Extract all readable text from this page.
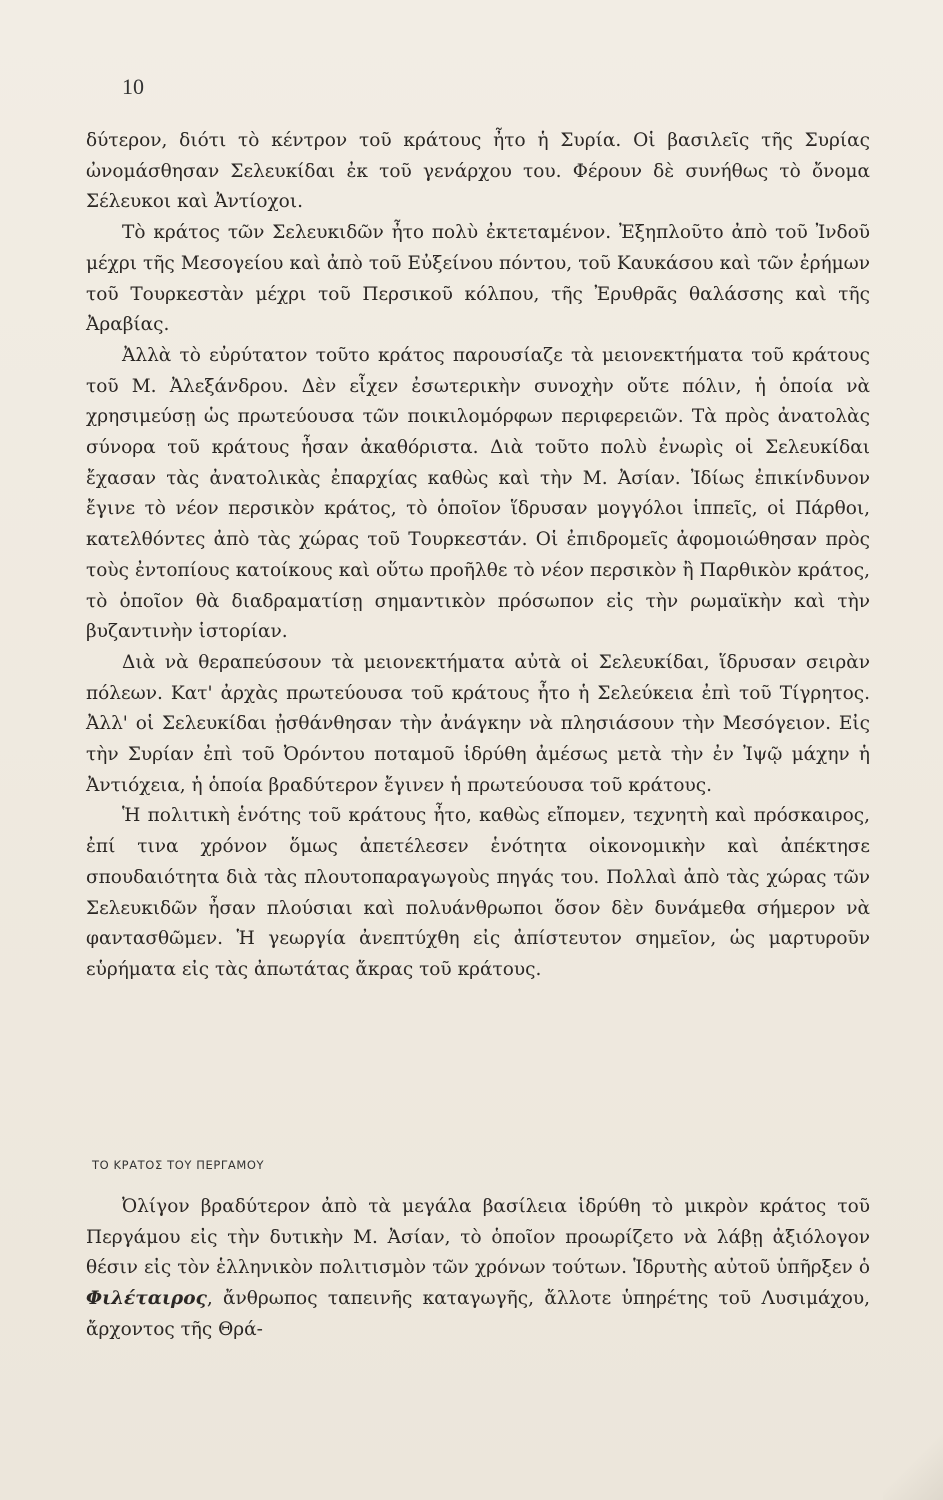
10

δύτερον, διότι τὸ κέντρον τοῦ κράτους ἦτο ἡ Συρία. Οἱ βασιλεῖς τῆς Συρίας ὠνομάσθησαν Σελευκίδαι ἐκ τοῦ γενάρχου του. Φέρουν δὲ συνήθως τὸ ὄνομα Σέλευκοι καὶ Ἀντίοχοι.

Τὸ κράτος τῶν Σελευκιδῶν ἦτο πολὺ ἐκτεταμένον. Ἐξηπλοῦτο ἀπὸ τοῦ Ἰνδοῦ μέχρι τῆς Μεσογείου καὶ ἀπὸ τοῦ Εὐξείνου πόντου, τοῦ Καυκάσου καὶ τῶν ἐρήμων τοῦ Τουρκεστὰν μέχρι τοῦ Περσικοῦ κόλπου, τῆς Ἐρυθρᾶς θαλάσσης καὶ τῆς Ἀραβίας.

Ἀλλὰ τὸ εὐρύτατον τοῦτο κράτος παρουσίαζε τὰ μειονεκτήματα τοῦ κράτους τοῦ Μ. Ἀλεξάνδρου. Δὲν εἶχεν ἐσωτερικὴν συνοχὴν οὔτε πόλιν, ἡ ὁποία νὰ χρησιμεύσῃ ὡς πρωτεύουσα τῶν ποικιλομόρφων περιφερειῶν. Τὰ πρὸς ἀνατολὰς σύνορα τοῦ κράτους ἦσαν ἀκαθόριστα. Διὰ τοῦτο πολὺ ἐνωρὶς οἱ Σελευκίδαι ἔχασαν τὰς ἀνατολικὰς ἐπαρχίας καθὼς καὶ τὴν Μ. Ἀσίαν. Ἰδίως ἐπικίνδυνον ἔγινε τὸ νέον περσικὸν κράτος, τὸ ὁποῖον ἵδρυσαν μογγόλοι ἱππεῖς, οἱ Πάρθοι, κατελθόντες ἀπὸ τὰς χώρας τοῦ Τουρκεστάν. Οἱ ἐπιδρομεῖς ἀφομοιώθησαν πρὸς τοὺς ἐντοπίους κατοίκους καὶ οὕτω προῆλθε τὸ νέον περσικὸν ἢ Παρθικὸν κράτος, τὸ ὁποῖον θὰ διαδραματίσῃ σημαντικὸν πρόσωπον εἰς τὴν ρωμαϊκὴν καὶ τὴν βυζαντινὴν ἱστορίαν.

Διὰ νὰ θεραπεύσουν τὰ μειονεκτήματα αὐτὰ οἱ Σελευκίδαι, ἵδρυσαν σειρὰν πόλεων. Κατ' ἀρχὰς πρωτεύουσα τοῦ κράτους ἦτο ἡ Σελεύκεια ἐπὶ τοῦ Τίγρητος. Ἀλλ' οἱ Σελευκίδαι ᾐσθάνθησαν τὴν ἀνάγκην νὰ πλησιάσουν τὴν Μεσόγειον. Εἰς τὴν Συρίαν ἐπὶ τοῦ Ὀρόντου ποταμοῦ ἱδρύθη ἀμέσως μετὰ τὴν ἐν Ἰψῷ μάχην ἡ Ἀντιόχεια, ἡ ὁποία βραδύτερον ἔγινεν ἡ πρωτεύουσα τοῦ κράτους.

Ἡ πολιτικὴ ἑνότης τοῦ κράτους ἦτο, καθὼς εἴπομεν, τεχνητὴ καὶ πρόσκαιρος, ἐπί τινα χρόνον ὅμως ἀπετέλεσεν ἑνότητα οἰκονομικὴν καὶ ἀπέκτησε σπουδαιότητα διὰ τὰς πλουτοπαραγωγοὺς πηγάς του. Πολλαὶ ἀπὸ τὰς χώρας τῶν Σελευκιδῶν ἦσαν πλούσιαι καὶ πολυάνθρωποι ὅσον δὲν δυνάμεθα σήμερον νὰ φαντασθῶμεν. Ἡ γεωργία ἀνεπτύχθη εἰς ἀπίστευτον σημεῖον, ὡς μαρτυροῦν εὑρήματα εἰς τὰς ἀπωτάτας ἄκρας τοῦ κράτους.

ΤΟ ΚΡΑΤΟΣ ΤΟΥ ΠΕΡΓΑΜΟΥ

Ὀλίγον βραδύτερον ἀπὸ τὰ μεγάλα βασίλεια ἱδρύθη τὸ μικρὸν κράτος τοῦ Περγάμου εἰς τὴν δυτικὴν Μ. Ἀσίαν, τὸ ὁποῖον προωρίζετο νὰ λάβῃ ἀξιόλογον θέσιν εἰς τὸν ἑλληνικὸν πολιτισμὸν τῶν χρόνων τούτων. Ἱδρυτὴς αὐτοῦ ὑπῆρξεν ὁ Φιλέταιρος, ἄνθρωπος ταπεινῆς καταγωγῆς, ἄλλοτε ὑπηρέτης τοῦ Λυσιμάχου, ἄρχοντος τῆς Θρά-
